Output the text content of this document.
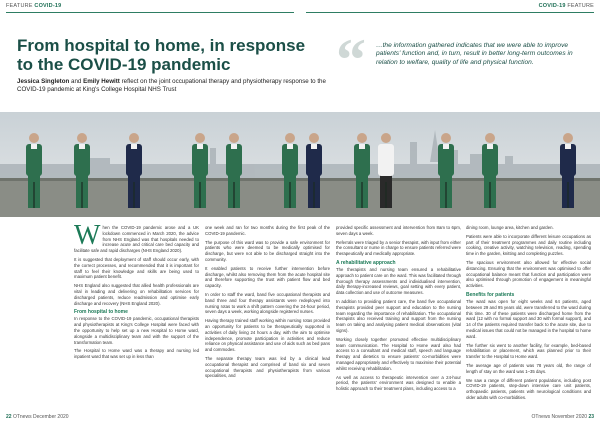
FEATURE COVID-19	COVID-19 FEATURE
From hospital to home, in response to the COVID-19 pandemic
Jessica Singleton and Emily Hewitt reflect on the joint occupational therapy and physiotherapy response to the COVID-19 pandemic at King's College Hospital NHS Trust	“ …the information gathered indicates that we were able to improve patients' function and, in turn, result in better long-term outcomes in relation to welfare, quality of life and physical function.

W hen the COVID-19 pandemic arose and a UK lockdown commenced in March 2020, the advice from NHS England was that hospitals needed to increase acute and critical care bed capacity and facilitate safe and rapid discharges (NHS England 2020).

It is suggested that deployment of staff should occur early, with the correct processes, and recommended that it is important for staff to feel their knowledge and skills are being used to maximum patient benefit.

NHS England also suggested that allied health professionals are vital in leading and delivering on rehabilitation services for discharged patients, reduce readmission and optimise early discharge and recovery (NHS England 2020).

From hospital to home

In response to the COVID-19 pandemic, occupational therapists and physiotherapists at King's College Hospital were faced with the opportunity to help set up a new Hospital to Home ward, alongside a multidisciplinary team and with the support of the transformation team.

The Hospital to Home ward was a therapy and nursing led inpatient ward that was set up in less than

one week and ran for two months during the first peak of the COVID-19 pandemic.

The purpose of this ward was to provide a safe environment for patients who were deemed to be medically optimised for discharge, but were not able to be discharged straight into the community.

It enabled patients to receive further intervention before discharge, whilst also removing them from the acute hospital site and therefore supporting the trust with patient flow and bed capacity.

In order to staff the ward, band five occupational therapists and band three and four therapy assistants were redeployed into nursing rotas to work a shift pattern covering the 24-hour period, seven days a week, working alongside registered nurses.

Having therapy trained staff working within nursing rotas provided an opportunity for patients to be therapeutically supported in activities of daily living 24 hours a day, with the aim to optimise independence, promote participation in activities and reduce reliance on physical assistance and use of aids such as bed pans and commodes.

The separate therapy team was led by a clinical lead occupational therapist and comprised of band six and seven occupational therapists and physiotherapists from various specialities, and

provided specific assessment and intervention from 8am to 6pm, seven days a week.

Referrals were triaged by a senior therapist, with input from either the consultant or nurse in charge to ensure patients referred were therapeutically and medically appropriate.

A rehabilitative approach

The therapists and nursing team ensured a rehabilitative approach to patient care on the ward. This was facilitated through thorough therapy assessments and individualised intervention, daily therapy-increased reviews, goal setting with every patient, data collection and use of outcome measures.

In addition to providing patient care, the band five occupational therapists provided peer support and education to the nursing team regarding the importance of rehabilitation. The occupational therapists also received training and support from the nursing team on taking and analysing patient medical observations (vital signs).

Working closely together promoted effective multidisciplinary team communication. The Hospital to Home ward also had access to a consultant and medical staff, speech and language therapy and dietetics to ensure patients' co-morbidities were managed appropriately and effectively to maximise their potential whilst receiving rehabilitation.

As well as access to therapeutic intervention over a 24-hour period, the patients' environment was designed to enable a holistic approach to their treatment plans, including access to a

dining room, lounge area, kitchen and garden.

Patients were able to incorporate different leisure occupations as part of their treatment programmes and daily routine including cooking, creative activity, watching television, reading, spending time in the garden, knitting and completing puzzles.

The spacious environment also allowed for effective social distancing. Ensuring that the environment was optimised to offer occupational balance meant that function and participation were also optimised through promotion of engagement in meaningful activities.

Benefits for patients

The ward was open for eight weeks and 64 patients, aged between 29 and 95 years old, were transferred to the ward during this time. 30 of these patients were discharged home from the ward (12 with no formal support and 30 with formal support), and 14 of the patients required transfer back to the acute site, due to medical issues that could not be managed in the hospital to home ward.

The further six went to another facility, for example, bed-based rehabilitation or placement, which was planned prior to their transfer to the Hospital to Home ward.

The average age of patients was 78 years old, the range of length of stay on the ward was 1–35 days.

We saw a range of different patient populations, including post COVID-19 patients, step-down intensive care unit patients, orthopaedic patients, patients with neurological conditions and older adults with co-morbidities.

22 OTnews December 2020	OTnews November 2020 23
